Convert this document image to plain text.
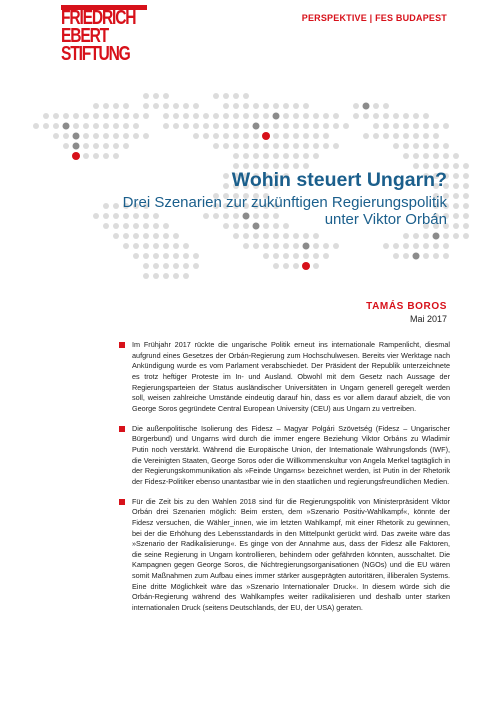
FRIEDRICH
EBERT
STIFTUNG
PERSPEKTIVE | FES BUDAPEST
Wohin steuert Ungarn?
Drei Szenarien zur zukünftigen Regierungspolitik unter Viktor Orbán
TAMÁS BOROS
Mai 2017
Im Frühjahr 2017 rückte die ungarische Politik erneut ins internationale Rampenlicht, diesmal aufgrund eines Gesetzes der Orbán-Regierung zum Hochschulwesen. Bereits vier Werktage nach Ankündigung wurde es vom Parlament verabschiedet. Der Präsident der Republik unterzeichnete es trotz heftiger Proteste im In- und Ausland. Obwohl mit dem Gesetz nach Aussage der Regierungsparteien der Status ausländischer Universitäten in Ungarn generell geregelt werden soll, weisen zahlreiche Umstände eindeutig darauf hin, dass es vor allem darauf abzielt, die von George Soros gegründete Central European University (CEU) aus Ungarn zu vertreiben.
Die außenpolitische Isolierung des Fidesz – Magyar Polgári Szövetség (Fidesz – Ungarischer Bürgerbund) und Ungarns wird durch die immer engere Beziehung Viktor Orbáns zu Wladimir Putin noch verstärkt. Während die Europäische Union, der Internationale Währungsfonds (IWF), die Vereinigten Staaten, George Soros oder die Willkommenskultur von Angela Merkel tagtäglich in der Regierungskommunikation als »Feinde Ungarns« bezeichnet werden, ist Putin in der Rhetorik der Fidesz-Politiker ebenso unantastbar wie in den staatlichen und regierungsfreundlichen Medien.
Für die Zeit bis zu den Wahlen 2018 sind für die Regierungspolitik von Ministerpräsident Viktor Orbán drei Szenarien möglich: Beim ersten, dem »Szenario Positiv-Wahlkampf«, könnte der Fidesz versuchen, die Wähler_innen, wie im letzten Wahlkampf, mit einer Rhetorik zu gewinnen, bei der die Erhöhung des Lebensstandards in den Mittelpunkt gerückt wird. Das zweite wäre das »Szenario der Radikalisierung«. Es ginge von der Annahme aus, dass der Fidesz alle Faktoren, die seine Regierung in Ungarn kontrollieren, behindern oder gefährden könnten, ausschaltet. Die Kampagnen gegen George Soros, die Nichtregierungsorganisationen (NGOs) und die EU wären somit Maßnahmen zum Aufbau eines immer stärker ausgeprägten autoritären, illiberalen Systems. Eine dritte Möglichkeit wäre das »Szenario Internationaler Druck«. In diesem würde sich die Orbán-Regierung während des Wahlkampfes weiter radikalisieren und deshalb unter starken internationalen Druck (seitens Deutschlands, der EU, der USA) geraten.
